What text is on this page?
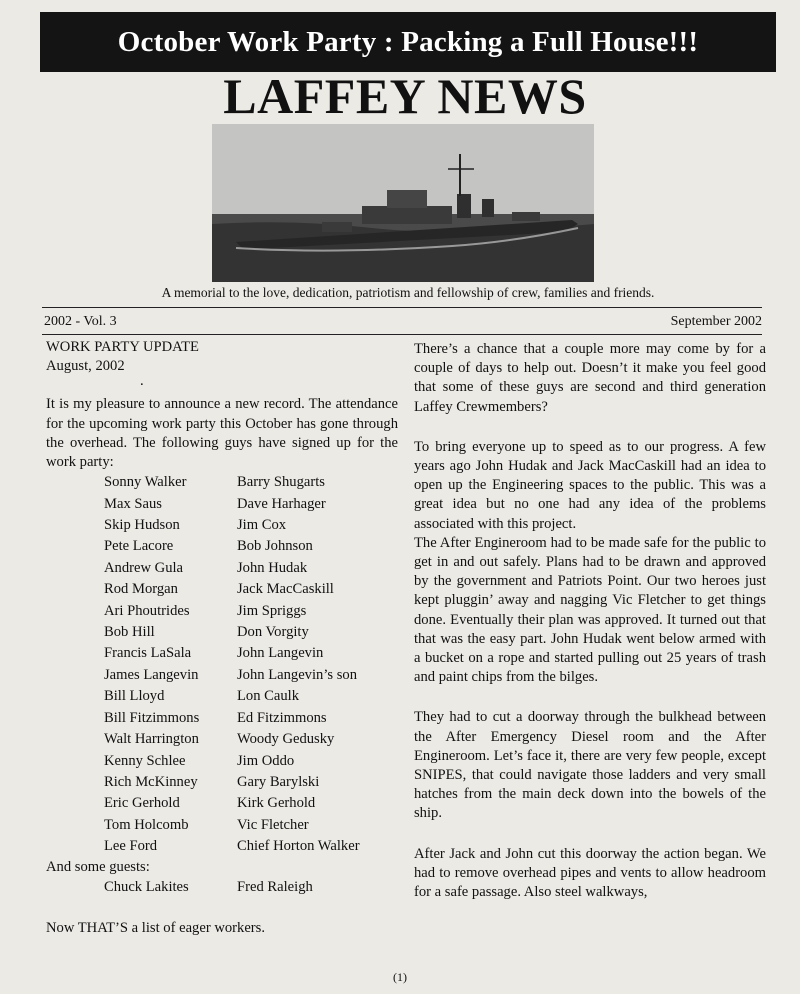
October Work Party : Packing a Full House!!!
LAFFEY NEWS
A memorial to the love, dedication, patriotism and fellowship of crew, families and friends.
2002 - Vol. 3	September 2002

WORK PARTY UPDATE

August, 2002

.

It is my pleasure to announce a new record. The attendance for the upcoming work party this October has gone through the overhead. The following guys have signed up for the work party:

Sonny Walker	Barry Shugarts
Max Saus	Dave Harhager
Skip Hudson	Jim Cox
Pete Lacore	Bob Johnson
Andrew Gula	John Hudak
Rod Morgan	Jack MacCaskill
Ari Phoutrides	Jim Spriggs
Bob Hill	Don Vorgity
Francis LaSala	John Langevin
James Langevin	John Langevin’s son
Bill Lloyd	Lon Caulk
Bill Fitzimmons	Ed Fitzimmons
Walt Harrington	Woody Gedusky
Kenny Schlee	Jim Oddo
Rich McKinney	Gary Barylski
Eric Gerhold	Kirk Gerhold
Tom Holcomb	Vic Fletcher
Lee Ford	Chief Horton Walker

And some guests:

Chuck Lakites	Fred Raleigh

Now THAT’S a list of eager workers.

There’s a chance that a couple more may come by for a couple of days to help out. Doesn’t it make you feel good that some of these guys are second and third generation Laffey Crewmembers?

To bring everyone up to speed as to our progress. A few years ago John Hudak and Jack MacCaskill had an idea to open up the Engineering spaces to the public. This was a great idea but no one had any idea of the problems associated with this project.

The After Engineroom had to be made safe for the public to get in and out safely. Plans had to be drawn and approved by the government and Patriots Point. Our two heroes just kept pluggin’ away and nagging Vic Fletcher to get things done. Eventually their plan was approved. It turned out that that was the easy part. John Hudak went below armed with a bucket on a rope and started pulling out 25 years of trash and paint chips from the bilges.

They had to cut a doorway through the bulkhead between the After Emergency Diesel room and the After Engineroom. Let’s face it, there are very few people, except SNIPES, that could navigate those ladders and very small hatches from the main deck down into the bowels of the ship.

After Jack and John cut this doorway the action began. We had to remove overhead pipes and vents to allow headroom for a safe passage. Also steel walkways,

(1)
